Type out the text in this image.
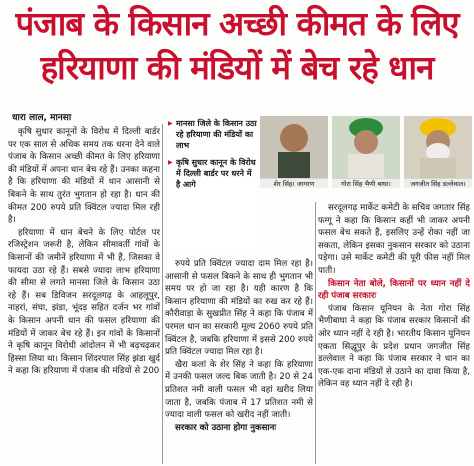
पंजाब के किसान अच्छी कीमत के लिए
हरियाणा की मंडियों में बेच रहे धान
धारा लाल, मानसा
▶ मानसा जिले के किसान उठा रहे हरियाणा की मंडियों का लाभ
▶ कृषि सुधार कानून के विरोध में दिल्ली बार्डर पर धरने में है आगे	शेर सिंह। जागरण	गोरा सिंह भैणी बाघा।	जगजीत सिंह डल्लेवाल।

कृषि सुधार कानूनों के विरोध में दिल्ली बार्डर पर एक साल से अधिक समय तक धरना देने वाले पंजाब के किसान अच्छी कीमत के लिए हरियाणा की मंडियों में अपना धान बेच रहे हैं। उनका कहना है कि हरियाणा की मंडियों में धान आसानी से बिकने के साथ तुरंत भुगतान हो रहा है। धान की कीमत 200 रुपये प्रति क्विंटल ज्यादा मिल रही है।

हरियाणा में धान बेचने के लिए पोर्टल पर रजिस्ट्रेशन जरूरी है, लेकिन सीमावर्ती गांवों के किसानों की जमीनें हरियाणा में भी हैं, जिसका वे फायदा उठा रहे हैं। सबसे ज्यादा लाभ हरियाणा की सीमा से लगते मानसा जिले के किसान उठा रहे हैं। सब डिविजन सरदूलगढ़ के आहलूपुर, नाहरां, संघा, झंडा, भूंदड़ सहित दर्जन भर गांवों के किसान अपनी धान की फसल हरियाणा की मंडियों में जाकर बेच रहे हैं। इन गांवों के किसानों ने कृषि कानून विरोधी आंदोलन में भी बढ़चढ़कर हिस्सा लिया था। किसान शिंदरपाल सिंह झंडा खुर्द ने कहा कि हरियाणा में पंजाब की मंडियों से 200

रुपये प्रति क्विंटल ज्यादा दाम मिल रहा है। आसानी से फसल बिकने के साथ ही भुगतान भी समय पर हो जा रहा है। यही कारण है कि किसान हरियाणा की मंडियों का रुख कर रहे हैं। कौरीवाड़ा के सुखप्रीत सिंह ने कहा कि पंजाब में परमल धान का सरकारी मूल्य 2060 रुपये प्रति क्विंटल है, जबकि हरियाणा में इससे 200 रुपये प्रति क्विंटल ज्यादा मिल रहा है।

खैरा कलां के शेर सिंह ने कहा कि हरियाणा में उनकी फसल जल्द बिक जाती है। 20 से 24 प्रतिशत नमी वाली फसल भी वहां खरीद लिया जाता है, जबकि पंजाब में 17 प्रतिशत नमी से ज्यादा वाली फसल को खरीद नहीं जाती।

सरकार को उठाना होगा नुकसानः

सरदूलगढ़ मार्केट कमेटी के सचिव जगतार सिंह फग्गू ने कहा कि किसान कहीं भी जाकर अपनी फसल बेच सकते हैं, इसलिए उन्हें रोका नहीं जा सकता, लेकिन इसका नुकसान सरकार को उठाना पड़ेगा। उसे मार्केट कमेटी की पूरी फीस नहीं मिल पाती।

किसान नेता बोले, किसानों पर ध्यान नहीं दे रही पंजाब सरकारः

पंजाब किसान यूनियन के नेता गोरा सिंह भैणीबाघा ने कहा कि पंजाब सरकार किसानों की ओर ध्यान नहीं दे रही है। भारतीय किसान यूनियन एकता सिद्धूपुर के प्रदेश प्रधान जगजीत सिंह डल्लेवाल ने कहा कि पंजाब सरकार ने धान का एक-एक दाना मंडियों से उठाने का दावा किया है, लेकिन वह ध्यान नहीं दे रही है।
